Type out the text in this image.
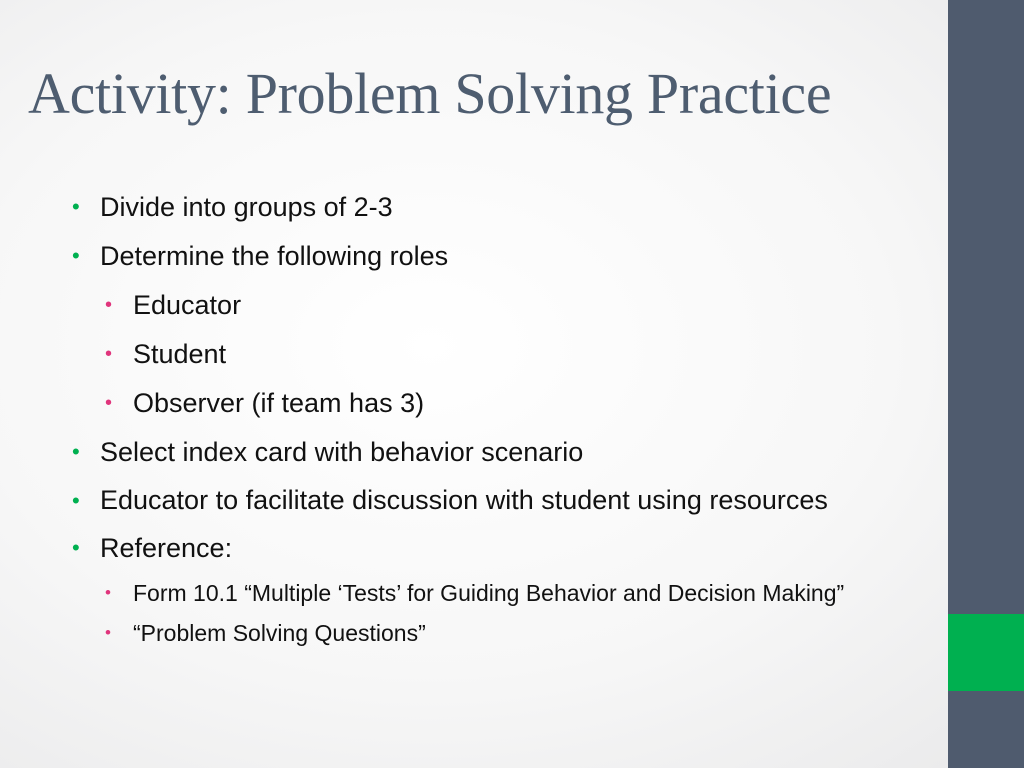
Activity: Problem Solving Practice
• Divide into groups of 2-3
• Determine the following roles
• Educator
• Student
• Observer (if team has 3)
• Select index card with behavior scenario
• Educator to facilitate discussion with student using resources
• Reference:
• Form 10.1 “Multiple ‘Tests’ for Guiding Behavior and Decision Making”
• “Problem Solving Questions”
